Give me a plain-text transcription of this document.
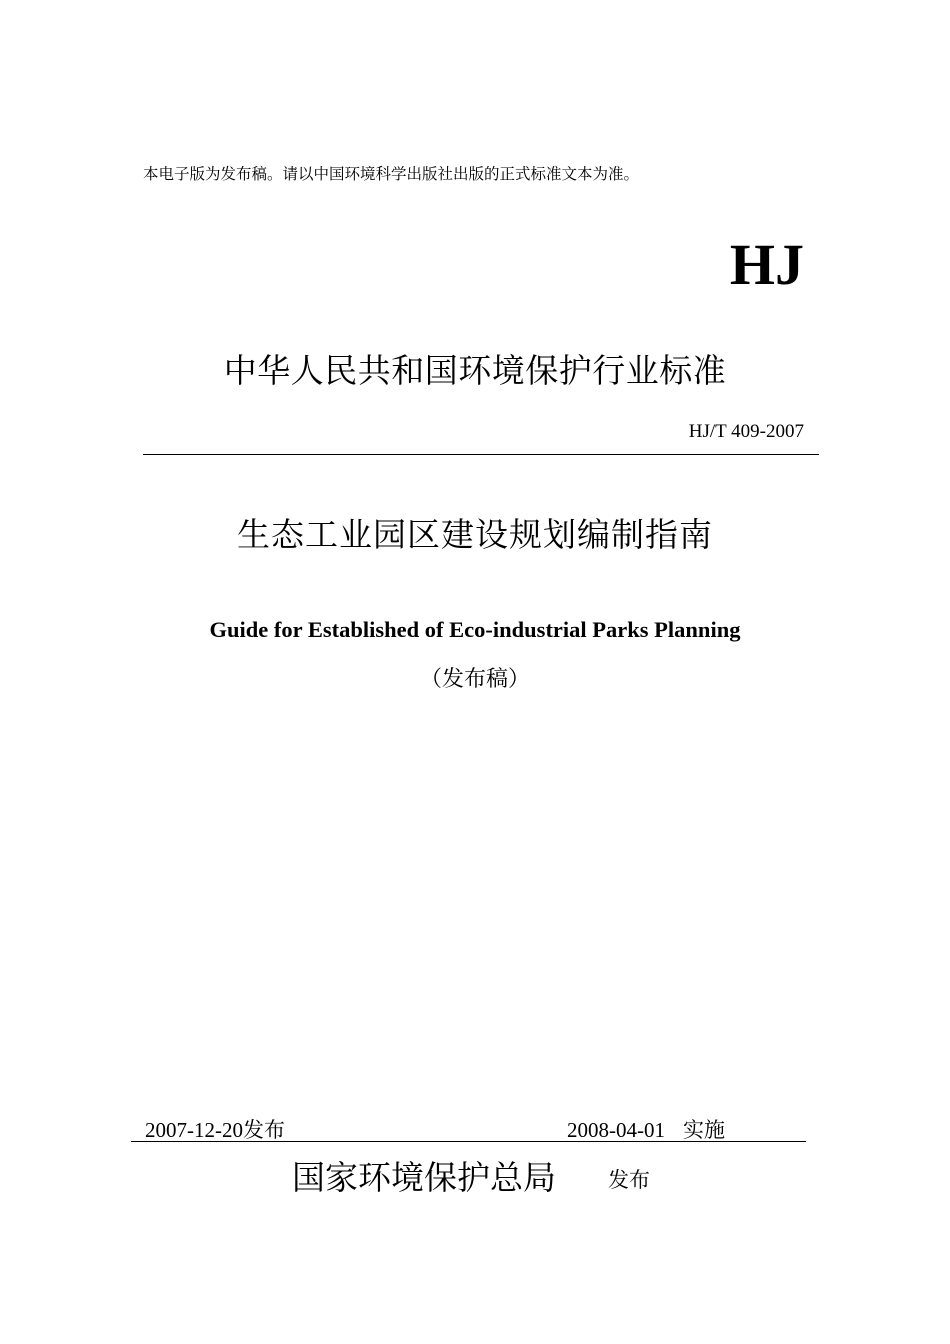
本电子版为发布稿。请以中国环境科学出版社出版的正式标准文本为准。
HJ
中华人民共和国环境保护行业标准
HJ/T 409-2007
生态工业园区建设规划编制指南
Guide for Established of Eco-industrial Parks Planning
（发布稿）
2007-12-20发布	2008-04-01 实施
国家环境保护总局 发布
